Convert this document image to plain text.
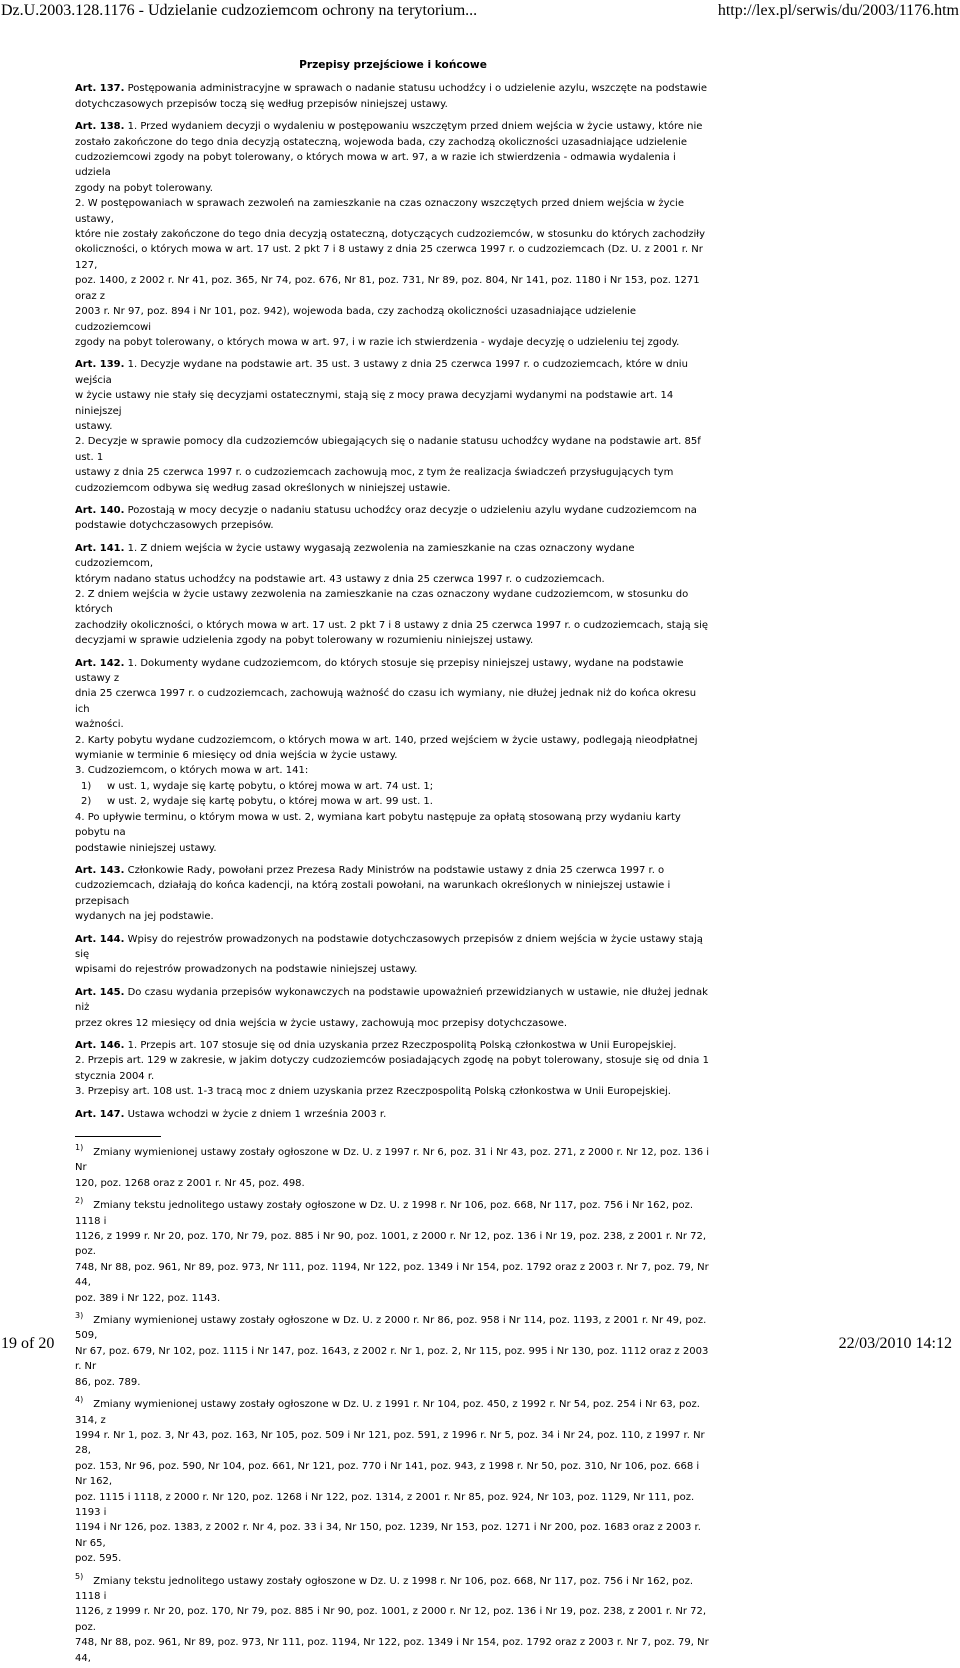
Dz.U.2003.128.1176 - Udzielanie cudzoziemcom ochrony na terytorium...	http://lex.pl/serwis/du/2003/1176.htm
Przepisy przejściowe i końcowe
Art. 137. Postępowania administracyjne w sprawach o nadanie statusu uchodźcy i o udzielenie azylu, wszczęte na podstawie
dotychczasowych przepisów toczą się według przepisów niniejszej ustawy.
Art. 138. 1. Przed wydaniem decyzji o wydaleniu w postępowaniu wszczętym przed dniem wejścia w życie ustawy, które nie
zostało zakończone do tego dnia decyzją ostateczną, wojewoda bada, czy zachodzą okoliczności uzasadniające udzielenie
cudzoziemcowi zgody na pobyt tolerowany, o których mowa w art. 97, a w razie ich stwierdzenia - odmawia wydalenia i udziela
zgody na pobyt tolerowany.
2. W postępowaniach w sprawach zezwoleń na zamieszkanie na czas oznaczony wszczętych przed dniem wejścia w życie ustawy,
które nie zostały zakończone do tego dnia decyzją ostateczną, dotyczących cudzoziemców, w stosunku do których zachodziły
okoliczności, o których mowa w art. 17 ust. 2 pkt 7 i 8 ustawy z dnia 25 czerwca 1997 r. o cudzoziemcach (Dz. U. z 2001 r. Nr 127,
poz. 1400, z 2002 r. Nr 41, poz. 365, Nr 74, poz. 676, Nr 81, poz. 731, Nr 89, poz. 804, Nr 141, poz. 1180 i Nr 153, poz. 1271 oraz z
2003 r. Nr 97, poz. 894 i Nr 101, poz. 942), wojewoda bada, czy zachodzą okoliczności uzasadniające udzielenie cudzoziemcowi
zgody na pobyt tolerowany, o których mowa w art. 97, i w razie ich stwierdzenia - wydaje decyzję o udzieleniu tej zgody.
Art. 139. 1. Decyzje wydane na podstawie art. 35 ust. 3 ustawy z dnia 25 czerwca 1997 r. o cudzoziemcach, które w dniu wejścia
w życie ustawy nie stały się decyzjami ostatecznymi, stają się z mocy prawa decyzjami wydanymi na podstawie art. 14 niniejszej
ustawy.
2. Decyzje w sprawie pomocy dla cudzoziemców ubiegających się o nadanie statusu uchodźcy wydane na podstawie art. 85f ust. 1
ustawy z dnia 25 czerwca 1997 r. o cudzoziemcach zachowują moc, z tym że realizacja świadczeń przysługujących tym
cudzoziemcom odbywa się według zasad określonych w niniejszej ustawie.
Art. 140. Pozostają w mocy decyzje o nadaniu statusu uchodźcy oraz decyzje o udzieleniu azylu wydane cudzoziemcom na
podstawie dotychczasowych przepisów.
Art. 141. 1. Z dniem wejścia w życie ustawy wygasają zezwolenia na zamieszkanie na czas oznaczony wydane cudzoziemcom,
którym nadano status uchodźcy na podstawie art. 43 ustawy z dnia 25 czerwca 1997 r. o cudzoziemcach.
2. Z dniem wejścia w życie ustawy zezwolenia na zamieszkanie na czas oznaczony wydane cudzoziemcom, w stosunku do których
zachodziły okoliczności, o których mowa w art. 17 ust. 2 pkt 7 i 8 ustawy z dnia 25 czerwca 1997 r. o cudzoziemcach, stają się
decyzjami w sprawie udzielenia zgody na pobyt tolerowany w rozumieniu niniejszej ustawy.
Art. 142. 1. Dokumenty wydane cudzoziemcom, do których stosuje się przepisy niniejszej ustawy, wydane na podstawie ustawy z
dnia 25 czerwca 1997 r. o cudzoziemcach, zachowują ważność do czasu ich wymiany, nie dłużej jednak niż do końca okresu ich
ważności.
2. Karty pobytu wydane cudzoziemcom, o których mowa w art. 140, przed wejściem w życie ustawy, podlegają nieodpłatnej
wymianie w terminie 6 miesięcy od dnia wejścia w życie ustawy.
3. Cudzoziemcom, o których mowa w art. 141:
1) w ust. 1, wydaje się kartę pobytu, o której mowa w art. 74 ust. 1;
2) w ust. 2, wydaje się kartę pobytu, o której mowa w art. 99 ust. 1.
4. Po upływie terminu, o którym mowa w ust. 2, wymiana kart pobytu następuje za opłatą stosowaną przy wydaniu karty pobytu na
podstawie niniejszej ustawy.
Art. 143. Członkowie Rady, powołani przez Prezesa Rady Ministrów na podstawie ustawy z dnia 25 czerwca 1997 r. o
cudzoziemcach, działają do końca kadencji, na którą zostali powołani, na warunkach określonych w niniejszej ustawie i przepisach
wydanych na jej podstawie.
Art. 144. Wpisy do rejestrów prowadzonych na podstawie dotychczasowych przepisów z dniem wejścia w życie ustawy stają się
wpisami do rejestrów prowadzonych na podstawie niniejszej ustawy.
Art. 145. Do czasu wydania przepisów wykonawczych na podstawie upoważnień przewidzianych w ustawie, nie dłużej jednak niż
przez okres 12 miesięcy od dnia wejścia w życie ustawy, zachowują moc przepisy dotychczasowe.
Art. 146. 1. Przepis art. 107 stosuje się od dnia uzyskania przez Rzeczpospolitą Polską członkostwa w Unii Europejskiej.
2. Przepis art. 129 w zakresie, w jakim dotyczy cudzoziemców posiadających zgodę na pobyt tolerowany, stosuje się od dnia 1
stycznia 2004 r.
3. Przepisy art. 108 ust. 1-3 tracą moc z dniem uzyskania przez Rzeczpospolitą Polską członkostwa w Unii Europejskiej.
Art. 147. Ustawa wchodzi w życie z dniem 1 września 2003 r.
$^{1)}$ Zmiany wymienionej ustawy zostały ogłoszone w Dz. U. z 1997 r. Nr 6, poz. 31 i Nr 43, poz. 271, z 2000 r. Nr 12, poz. 136 i Nr
120, poz. 1268 oraz z 2001 r. Nr 45, poz. 498.
$^{2)}$ Zmiany tekstu jednolitego ustawy zostały ogłoszone w Dz. U. z 1998 r. Nr 106, poz. 668, Nr 117, poz. 756 i Nr 162, poz. 1118 i
1126, z 1999 r. Nr 20, poz. 170, Nr 79, poz. 885 i Nr 90, poz. 1001, z 2000 r. Nr 12, poz. 136 i Nr 19, poz. 238, z 2001 r. Nr 72, poz.
748, Nr 88, poz. 961, Nr 89, poz. 973, Nr 111, poz. 1194, Nr 122, poz. 1349 i Nr 154, poz. 1792 oraz z 2003 r. Nr 7, poz. 79, Nr 44,
poz. 389 i Nr 122, poz. 1143.
$^{3)}$ Zmiany wymienionej ustawy zostały ogłoszone w Dz. U. z 2000 r. Nr 86, poz. 958 i Nr 114, poz. 1193, z 2001 r. Nr 49, poz. 509,
Nr 67, poz. 679, Nr 102, poz. 1115 i Nr 147, poz. 1643, z 2002 r. Nr 1, poz. 2, Nr 115, poz. 995 i Nr 130, poz. 1112 oraz z 2003 r. Nr
86, poz. 789.
$^{4)}$ Zmiany wymienionej ustawy zostały ogłoszone w Dz. U. z 1991 r. Nr 104, poz. 450, z 1992 r. Nr 54, poz. 254 i Nr 63, poz. 314, z
1994 r. Nr 1, poz. 3, Nr 43, poz. 163, Nr 105, poz. 509 i Nr 121, poz. 591, z 1996 r. Nr 5, poz. 34 i Nr 24, poz. 110, z 1997 r. Nr 28,
poz. 153, Nr 96, poz. 590, Nr 104, poz. 661, Nr 121, poz. 770 i Nr 141, poz. 943, z 1998 r. Nr 50, poz. 310, Nr 106, poz. 668 i Nr 162,
poz. 1115 i 1118, z 2000 r. Nr 120, poz. 1268 i Nr 122, poz. 1314, z 2001 r. Nr 85, poz. 924, Nr 103, poz. 1129, Nr 111, poz. 1193 i
1194 i Nr 126, poz. 1383, z 2002 r. Nr 4, poz. 33 i 34, Nr 150, poz. 1239, Nr 153, poz. 1271 i Nr 200, poz. 1683 oraz z 2003 r. Nr 65,
poz. 595.
$^{5)}$ Zmiany tekstu jednolitego ustawy zostały ogłoszone w Dz. U. z 1998 r. Nr 106, poz. 668, Nr 117, poz. 756 i Nr 162, poz. 1118 i
1126, z 1999 r. Nr 20, poz. 170, Nr 79, poz. 885 i Nr 90, poz. 1001, z 2000 r. Nr 12, poz. 136 i Nr 19, poz. 238, z 2001 r. Nr 72, poz.
748, Nr 88, poz. 961, Nr 89, poz. 973, Nr 111, poz. 1194, Nr 122, poz. 1349 i Nr 154, poz. 1792 oraz z 2003 r. Nr 7, poz. 79, Nr 44,
19 of 20	22/03/2010 14:12
